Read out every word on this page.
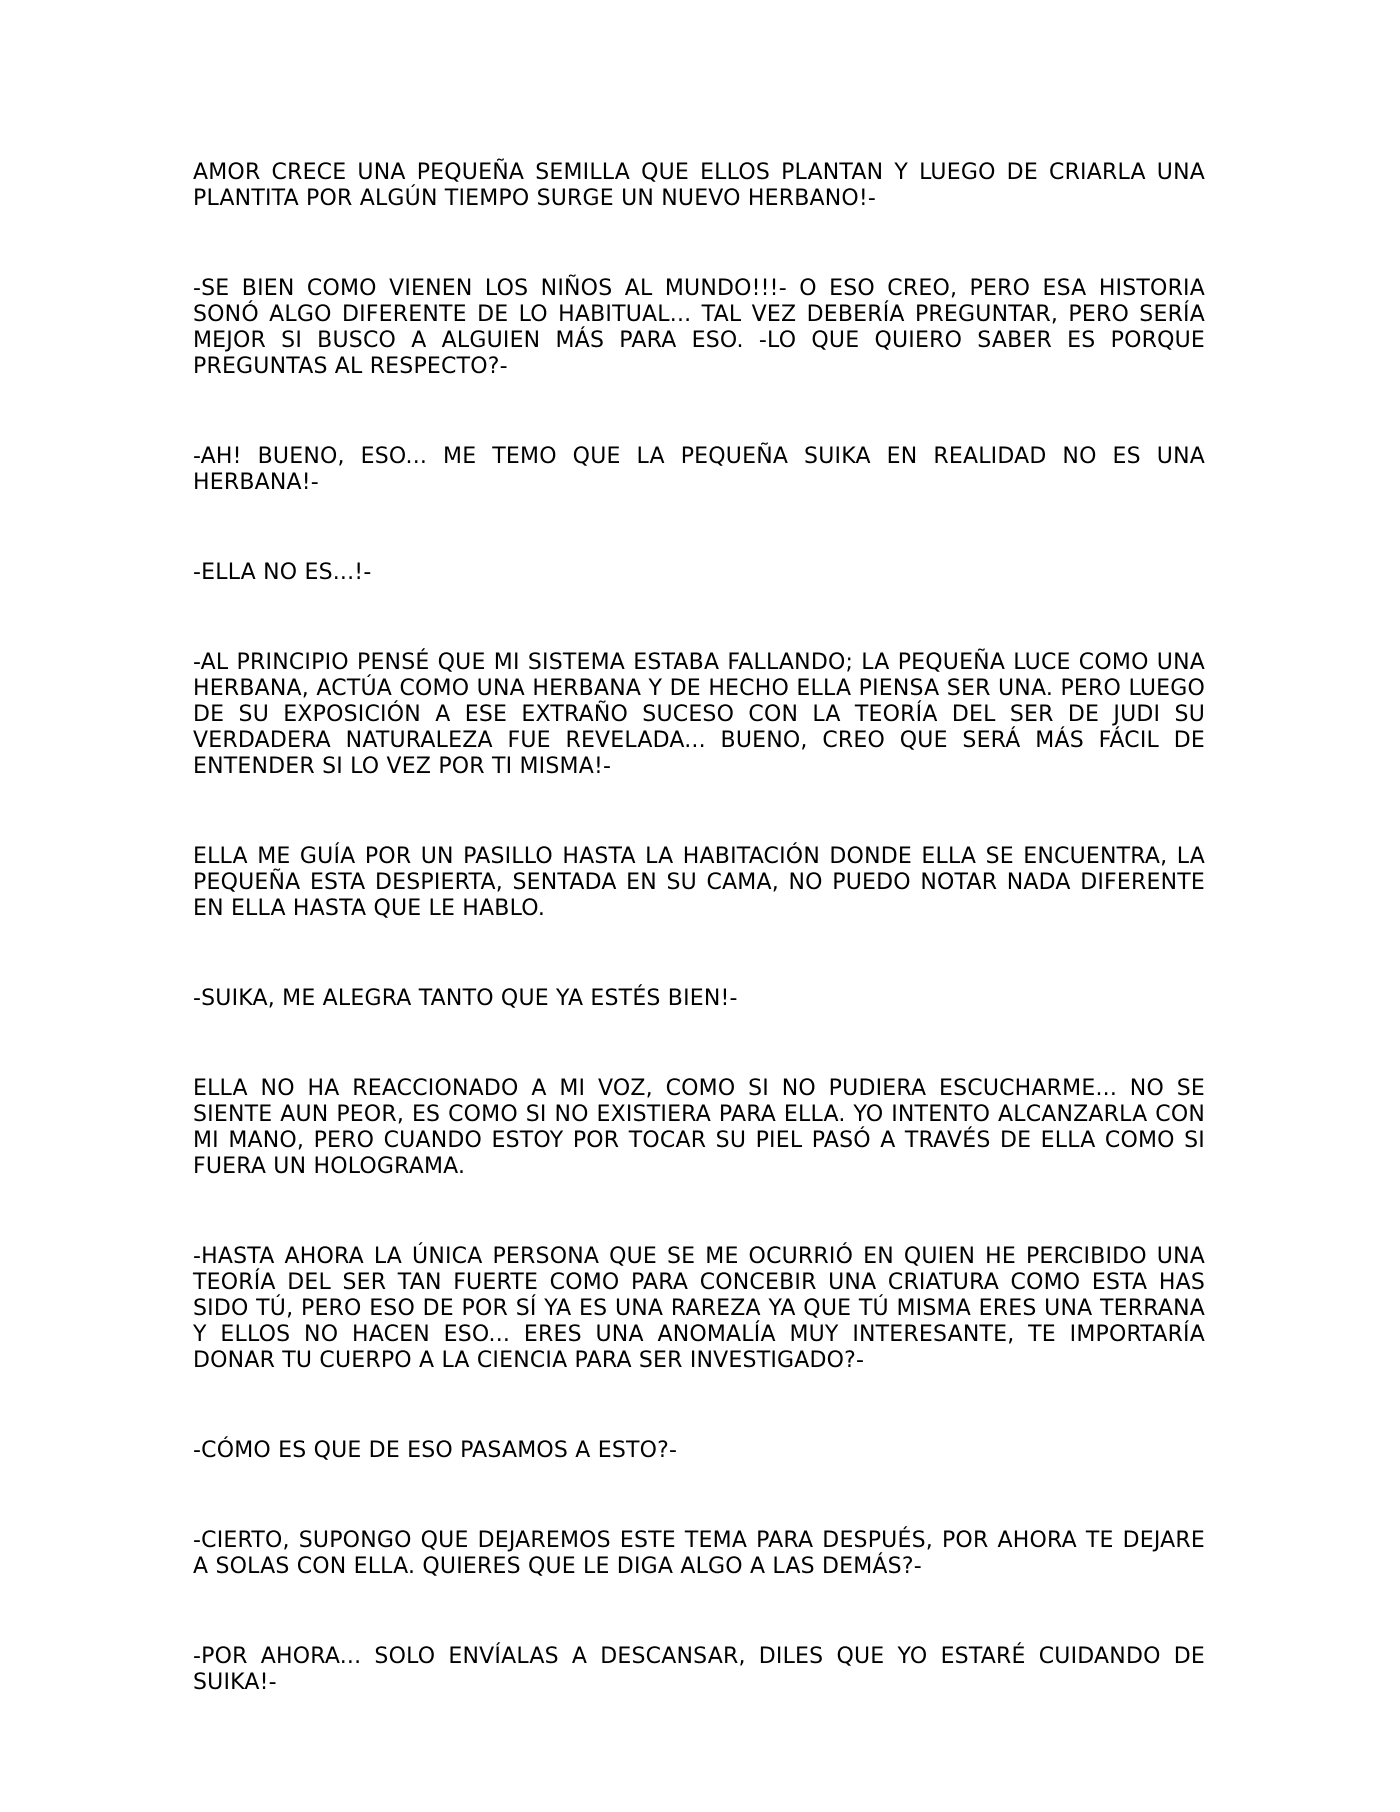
AMOR CRECE UNA PEQUEÑA SEMILLA QUE ELLOS PLANTAN Y LUEGO DE CRIARLA UNA PLANTITA POR ALGÚN TIEMPO SURGE UN NUEVO HERBANO!-

-SE BIEN COMO VIENEN LOS NIÑOS AL MUNDO!!!- O ESO CREO, PERO ESA HISTORIA SONÓ ALGO DIFERENTE DE LO HABITUAL... TAL VEZ DEBERÍA PREGUNTAR, PERO SERÍA MEJOR SI BUSCO A ALGUIEN MÁS PARA ESO. -LO QUE QUIERO SABER ES PORQUE PREGUNTAS AL RESPECTO?-

-AH! BUENO, ESO... ME TEMO QUE LA PEQUEÑA SUIKA EN REALIDAD NO ES UNA HERBANA!-

-ELLA NO ES...!-

-AL PRINCIPIO PENSÉ QUE MI SISTEMA ESTABA FALLANDO; LA PEQUEÑA LUCE COMO UNA HERBANA, ACTÚA COMO UNA HERBANA Y DE HECHO ELLA PIENSA SER UNA. PERO LUEGO DE SU EXPOSICIÓN A ESE EXTRAÑO SUCESO CON LA TEORÍA DEL SER DE JUDI SU VERDADERA NATURALEZA FUE REVELADA... BUENO, CREO QUE SERÁ MÁS FÁCIL DE ENTENDER SI LO VEZ POR TI MISMA!-

ELLA ME GUÍA POR UN PASILLO HASTA LA HABITACIÓN DONDE ELLA SE ENCUENTRA, LA PEQUEÑA ESTA DESPIERTA, SENTADA EN SU CAMA, NO PUEDO NOTAR NADA DIFERENTE EN ELLA HASTA QUE LE HABLO.

-SUIKA, ME ALEGRA TANTO QUE YA ESTÉS BIEN!-

ELLA NO HA REACCIONADO A MI VOZ, COMO SI NO PUDIERA ESCUCHARME... NO SE SIENTE AUN PEOR, ES COMO SI NO EXISTIERA PARA ELLA. YO INTENTO ALCANZARLA CON MI MANO, PERO CUANDO ESTOY POR TOCAR SU PIEL PASÓ A TRAVÉS DE ELLA COMO SI FUERA UN HOLOGRAMA.

-HASTA AHORA LA ÚNICA PERSONA QUE SE ME OCURRIÓ EN QUIEN HE PERCIBIDO UNA TEORÍA DEL SER TAN FUERTE COMO PARA CONCEBIR UNA CRIATURA COMO ESTA HAS SIDO TÚ, PERO ESO DE POR SÍ YA ES UNA RAREZA YA QUE TÚ MISMA ERES UNA TERRANA Y ELLOS NO HACEN ESO... ERES UNA ANOMALÍA MUY INTERESANTE, TE IMPORTARÍA DONAR TU CUERPO A LA CIENCIA PARA SER INVESTIGADO?-

-CÓMO ES QUE DE ESO PASAMOS A ESTO?-

-CIERTO, SUPONGO QUE DEJAREMOS ESTE TEMA PARA DESPUÉS, POR AHORA TE DEJARE A SOLAS CON ELLA. QUIERES QUE LE DIGA ALGO A LAS DEMÁS?-

-POR AHORA... SOLO ENVÍALAS A DESCANSAR, DILES QUE YO ESTARÉ CUIDANDO DE SUIKA!-
